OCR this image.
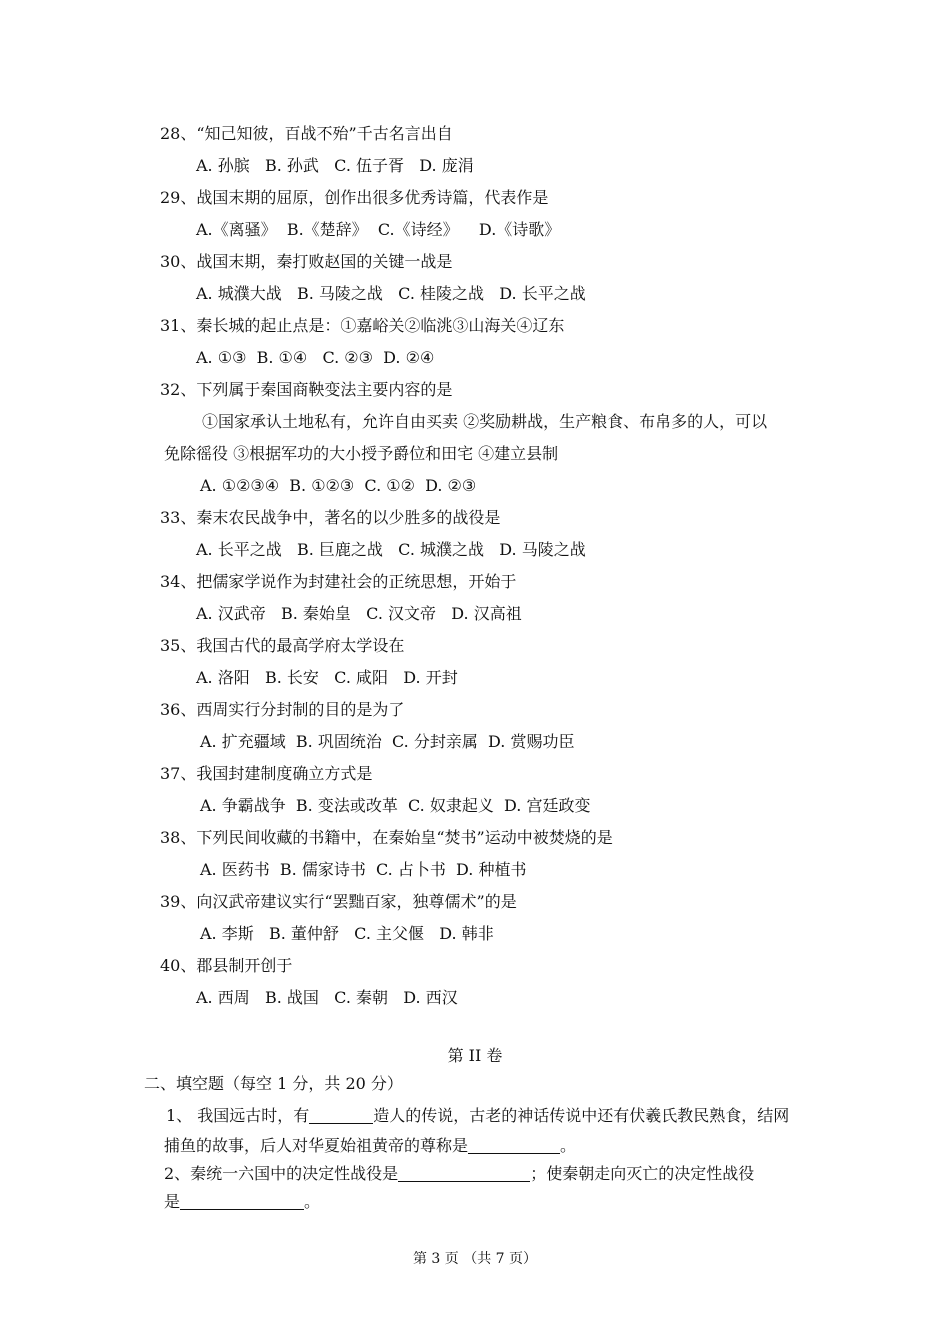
28、“知己知彼，百战不殆”千古名言出自
A. 孙膑   B. 孙武   C. 伍子胥   D. 庞涓
29、战国末期的屈原，创作出很多优秀诗篇，代表作是
A.《离骚》  B.《楚辞》  C.《诗经》    D.《诗歌》
30、战国末期，秦打败赵国的关键一战是
A. 城濮大战   B. 马陵之战   C. 桂陵之战   D. 长平之战
31、秦长城的起止点是：①嘉峪关②临洮③山海关④辽东
A. ①③  B. ①④   C. ②③  D. ②④
32、下列属于秦国商鞅变法主要内容的是
①国家承认土地私有，允许自由买卖 ②奖励耕战，生产粮食、布帛多的人，可以
免除徭役 ③根据军功的大小授予爵位和田宅 ④建立县制
A. ①②③④  B. ①②③  C. ①②  D. ②③
33、秦末农民战争中，著名的以少胜多的战役是
A. 长平之战   B. 巨鹿之战   C. 城濮之战   D. 马陵之战
34、把儒家学说作为封建社会的正统思想，开始于
A. 汉武帝   B. 秦始皇   C. 汉文帝   D. 汉高祖
35、我国古代的最高学府太学设在
A. 洛阳   B. 长安   C. 咸阳   D. 开封
36、西周实行分封制的目的是为了
A. 扩充疆域  B. 巩固统治  C. 分封亲属  D. 赏赐功臣
37、我国封建制度确立方式是
A. 争霸战争  B. 变法或改革  C. 奴隶起义  D. 宫廷政变
38、下列民间收藏的书籍中，在秦始皇“焚书”运动中被焚烧的是
A. 医药书  B. 儒家诗书  C. 占卜书  D. 种植书
39、向汉武帝建议实行“罢黜百家，独尊儒术”的是
A. 李斯   B. 董仲舒   C. 主父偃   D. 韩非
40、郡县制开创于
A. 西周   B. 战国   C. 秦朝   D. 西汉
第 II 卷
二、填空题（每空 1 分，共 20 分）
1、 我国远古时，有	造人的传说，古老的神话传说中还有伏羲氏教民熟食，结网
捕鱼的故事，后人对华夏始祖黄帝的尊称是	。
2、秦统一六国中的决定性战役是	；使秦朝走向灭亡的决定性战役
是	。
第 3 页 （共 7 页）
